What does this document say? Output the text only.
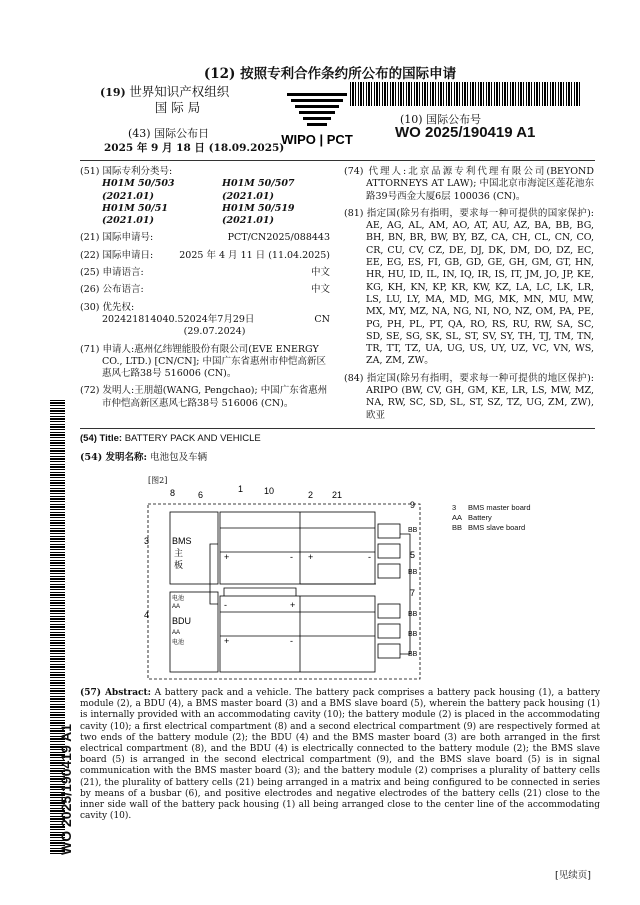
(12) 按照专利合作条约所公布的国际申请
(19) 世界知识产权组织
国 际 局
WIPO | PCT
(10) 国际公布号
WO 2025/190419 A1
(43) 国际公布日
2025 年 9 月 18 日 (18.09.2025)
WO 2025/190419 A1
(51) 国际专利分类号:
H01M 50/503 (2021.01)
H01M 50/507 (2021.01)
H01M 50/51 (2021.01)
H01M 50/519 (2021.01)
(21) 国际申请号:	PCT/CN2025/088443
(22) 国际申请日:	2025 年 4 月 11 日 (11.04.2025)
(25) 申请语言:	中文
(26) 公布语言:	中文
(30) 优先权:
202421814040.5 2024年7月29日 (29.07.2024)
CN
(71) 申请人:惠州亿纬锂能股份有限公司(EVE ENERGY CO., LTD.) [CN/CN]; 中国广东省惠州市仲恺高新区惠风七路38号 516006 (CN)。
(72) 发明人:王朋超(WANG, Pengchao); 中国广东省惠州市仲恺高新区惠风七路38号 516006 (CN)。
(74) 代理人:北京品源专利代理有限公司(BEYOND ATTORNEYS AT LAW); 中国北京市海淀区莲花池东路39号西金大厦6层 100036 (CN)。
(81) 指定国(除另有指明，要求每一种可提供的国家保护): AE, AG, AL, AM, AO, AT, AU, AZ, BA, BB, BG, BH, BN, BR, BW, BY, BZ, CA, CH, CL, CN, CO, CR, CU, CV, CZ, DE, DJ, DK, DM, DO, DZ, EC, EE, EG, ES, FI, GB, GD, GE, GH, GM, GT, HN, HR, HU, ID, IL, IN, IQ, IR, IS, IT, JM, JO, JP, KE, KG, KH, KN, KP, KR, KW, KZ, LA, LC, LK, LR, LS, LU, LY, MA, MD, MG, MK, MN, MU, MW, MX, MY, MZ, NA, NG, NI, NO, NZ, OM, PA, PE, PG, PH, PL, PT, QA, RO, RS, RU, RW, SA, SC, SD, SE, SG, SK, SL, ST, SV, SY, TH, TJ, TM, TN, TR, TT, TZ, UA, UG, US, UY, UZ, VC, VN, WS, ZA, ZM, ZW。
(84) 指定国(除另有指明，要求每一种可提供的地区保护): ARIPO (BW, CV, GH, GM, KE, LR, LS, MW, MZ, NA, RW, SC, SD, SL, ST, SZ, TZ, UG, ZM, ZW), 欧亚
(54) Title: BATTERY PACK AND VEHICLE
(54) 发明名称: 电池包及车辆
[图2]
BMS
主
板
BDU
AA
电池
电池
AA
+	- +	-
-	+
+	-
8	6
1 10	2 21
9
3
5
7
4
BB
BB
BB
BB
BB
3	BMS master board
AA	Battery
BB	BMS slave board
(57) Abstract: A battery pack and a vehicle. The battery pack comprises a battery pack housing (1), a battery module (2), a BDU (4), a BMS master board (3) and a BMS slave board (5), wherein the battery pack housing (1) is internally provided with an accommodating cavity (10); the battery module (2) is placed in the accommodating cavity (10); a first electrical compartment (8) and a second electrical compartment (9) are respectively formed at two ends of the battery module (2); the BDU (4) and the BMS master board (3) are both arranged in the first electrical compartment (8), and the BDU (4) is electrically connected to the battery module (2); the BMS slave board (5) is arranged in the second electrical compartment (9), and the BMS slave board (5) is in signal communication with the BMS master board (3); and the battery module (2) comprises a plurality of battery cells (21), the plurality of battery cells (21) being arranged in a matrix and being configured to be connected in series by means of a busbar (6), and positive electrodes and negative electrodes of the battery cells (21) close to the inner side wall of the battery pack housing (1) all being arranged close to the center line of the accommodating cavity (10).
[见续页]
